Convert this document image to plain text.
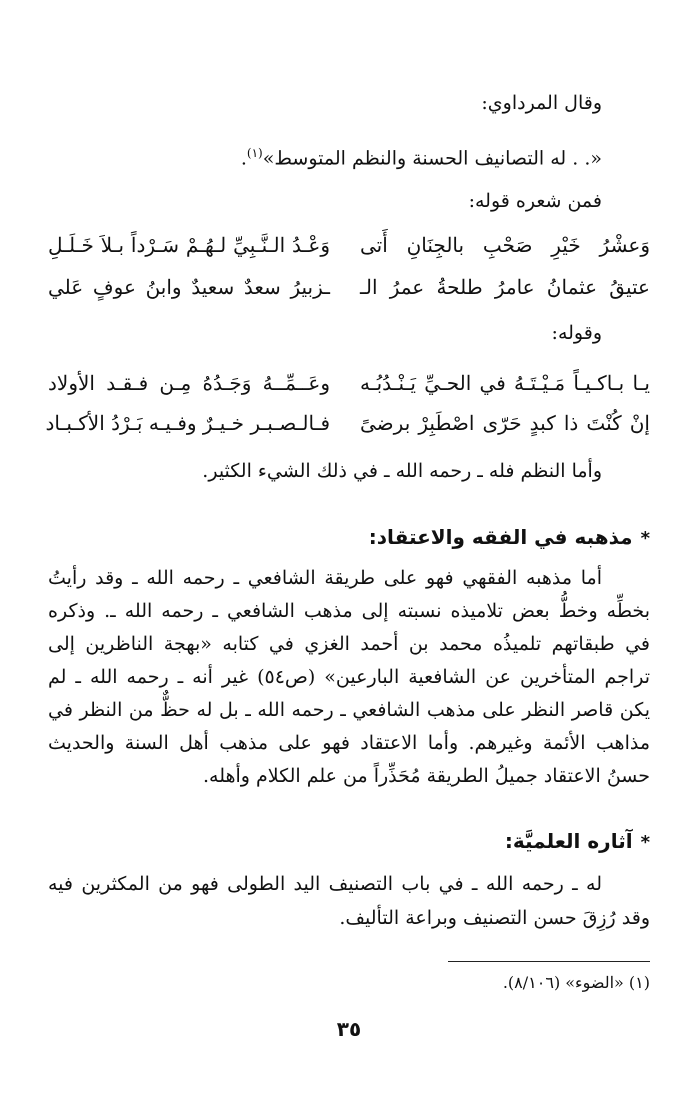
وقال المرداوي:
«. . له التصانيف الحسنة والنظم المتوسط»$^{(١)}$.
فمن شعره قوله:
وَعشْرُ خَيْرِ صَحْبِ بالجِنَانِ أَتى
وَعْـدُ الـنَّـبِيِّ لـهُـمْ سَـرْداً بـلاَ خَـلَـلِ
عتيقُ عثمانُ عامرُ طلحةُ عمرُ الـ
ـزبيرُ سعدٌ سعيدٌ وابنُ عوفٍ عَلي
وقوله:
يـا بـاكـيـاً مَـيْـتَـهُ في الحـيِّ يَـنْـدُبُـه
وعَــمِّــهُ وَجَـدُهُ مِـن فـقـد الأولاد
إنْ كُنْتَ ذا كبدٍ حَرّى اصْطَبِرْ برضىً
فـالـصـبـر خـيـرٌ وفـيـه بَـرْدُ الأكـبـاد
وأما النظم فله ـ رحمه الله ـ في ذلك الشيء الكثير.
*مذهبه في الفقه والاعتقاد:
أما مذهبه الفقهي فهو على طريقة الشافعي ـ رحمه الله ـ وقد رأيتُ
بخطِّه وخطُّ بعض تلاميذه نسبته إلى مذهب الشافعي ـ رحمه الله ـ. وذكره
في طبقاتهم تلميذُه محمد بن أحمد الغزي في كتابه «بهجة الناظرين إلى
تراجم المتأخرين عن الشافعية البارعين» (ص٥٤) غير أنه ـ رحمه الله ـ لم
يكن قاصر النظر على مذهب الشافعي ـ رحمه الله ـ بل له حظٌّ من النظر في
مذاهب الأئمة وغيرهم. وأما الاعتقاد فهو على مذهب أهل السنة والحديث
حسنُ الاعتقاد جميلُ الطريقة مُحَذِّراً من علم الكلام وأهله.
*آثاره العلميَّة:
له ـ رحمه الله ـ في باب التصنيف اليد الطولى فهو من المكثرين فيه
وقد رُزِقَ حسن التصنيف وبراعة التأليف.
(١) «الضوء» (٨/١٠٦).
٣٥
